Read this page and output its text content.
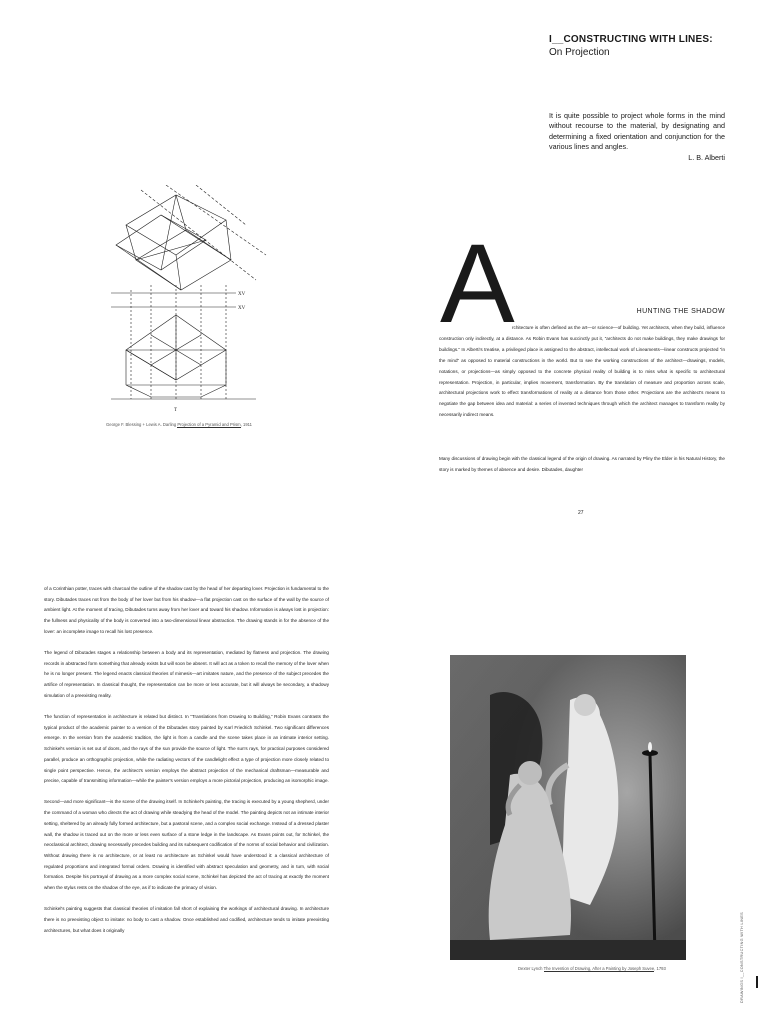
I__CONSTRUCTING WITH LINES:
On Projection
It is quite possible to project whole forms in the mind without recourse to the material, by designating and determining a fixed orientation and conjunction for the various lines and angles.
L. B. Alberti
XV
XV
T
George F. Blessing + Lewis A. Darling Projection of a Pyramid and Prism, 1911
A	HUNTING THE SHADOW
rchitecture is often defined as the art—or science—of building. Yet architects, when they build, influence construction only indirectly, at a distance. As Robin Evans has succinctly put it, “architects do not make buildings, they make drawings for buildings.” In Alberti's treatise, a privileged place is assigned to the abstract, intellectual work of Lineaments—linear constructs projected “in the mind” as opposed to material constructions in the world. But to see the working constructions of the architect—drawings, models, notations, or projections—as simply opposed to the concrete physical reality of building is to miss what is specific to architectural representation. Projection, in particular, implies movement, transformation. By the translation of measure and proportion across scale, architectural projections work to effect transformations of reality at a distance from those other. Projections are the architect's means to negotiate the gap between idea and material: a series of invented techniques through which the architect manages to transform reality by necessarily indirect means.
Many discussions of drawing begin with the classical legend of the origin of drawing. As narrated by Pliny the Elder in his Natural History, the story is marked by themes of absence and desire. Dibutades, daughter
27

of a Corinthian potter, traces with charcoal the outline of the shadow cast by the head of her departing lover. Projection is fundamental to the story. Dibutades traces not from the body of her lover but from his shadow—a flat projection cast on the surface of the wall by the source of ambient light. At the moment of tracing, Dibutades turns away from her lover and toward his shadow. Information is always lost in projection: the fullness and physicality of the body is converted into a two-dimensional linear abstraction. The drawing stands in for the absence of the lover: an incomplete image to recall his lost presence.

The legend of Dibutades stages a relationship between a body and its representation, mediated by flatness and projection. The drawing records in abstracted form something that already exists but will soon be absent. It will act as a token to recall the memory of the lover when he is no longer present. The legend enacts classical theories of mimesis—art imitates nature, and the presence of the subject precedes the artifice of representation. In classical thought, the representation can be more or less accurate, but it will always be secondary, a shadowy simulation of a preexisting reality.

The function of representation in architecture is related but distinct. In “Translations from Drawing to Building,” Robin Evans contrasts the typical product of the academic painter to a version of the Dibutades story painted by Karl Friedrich Schinkel. Two significant differences emerge. In the version from the academic tradition, the light is from a candle and the scene takes place in an intimate interior setting. Schinkel's version is set out of doors, and the rays of the sun provide the source of light. The sun's rays, for practical purposes considered parallel, produce an orthographic projection, while the radiating vectors of the candlelight effect a type of projection more closely related to single point perspective. Hence, the architect's version employs the abstract projection of the mechanical draftsman—measurable and precise, capable of transmitting information—while the painter's version employs a more pictorial projection, producing an isomorphic image.

Second—and more significant—is the scene of the drawing itself. In Schinkel's painting, the tracing is executed by a young shepherd, under the command of a woman who directs the act of drawing while steadying the head of the model. The painting depicts not an intimate interior setting, sheltered by an already fully formed architecture, but a pastoral scene, and a complex social exchange. Instead of a dressed plaster wall, the shadow is traced out on the more or less even surface of a stone ledge in the landscape. As Evans points out, for Schinkel, the neoclassical architect, drawing necessarily precedes building and its subsequent codification of the norms of social behavior and civilization. Without drawing there is no architecture, or at least no architecture as Schinkel would have understood it: a classical architecture of regulated proportions and integrated formal orders. Drawing is identified with abstract speculation and geometry, and in turn, with social formation. Despite his portrayal of drawing as a more complex social scene, Schinkel has depicted the act of tracing at exactly the moment when the stylus rests on the shadow of the eye, as if to indicate the primacy of vision.

Schinkel's painting suggests that classical theories of imitation fall short of explaining the workings of architectural drawing. In architecture there is no preexisting object to imitate: no body to cast a shadow. Once established and codified, architecture tends to imitate preexisting architectures, but what does it originally

Dexter Lynch The Invention of Drawing, After a Painting by Joseph Suvee, 1793	DRAWINGS I__CONSTRUCTING WITH LINES
